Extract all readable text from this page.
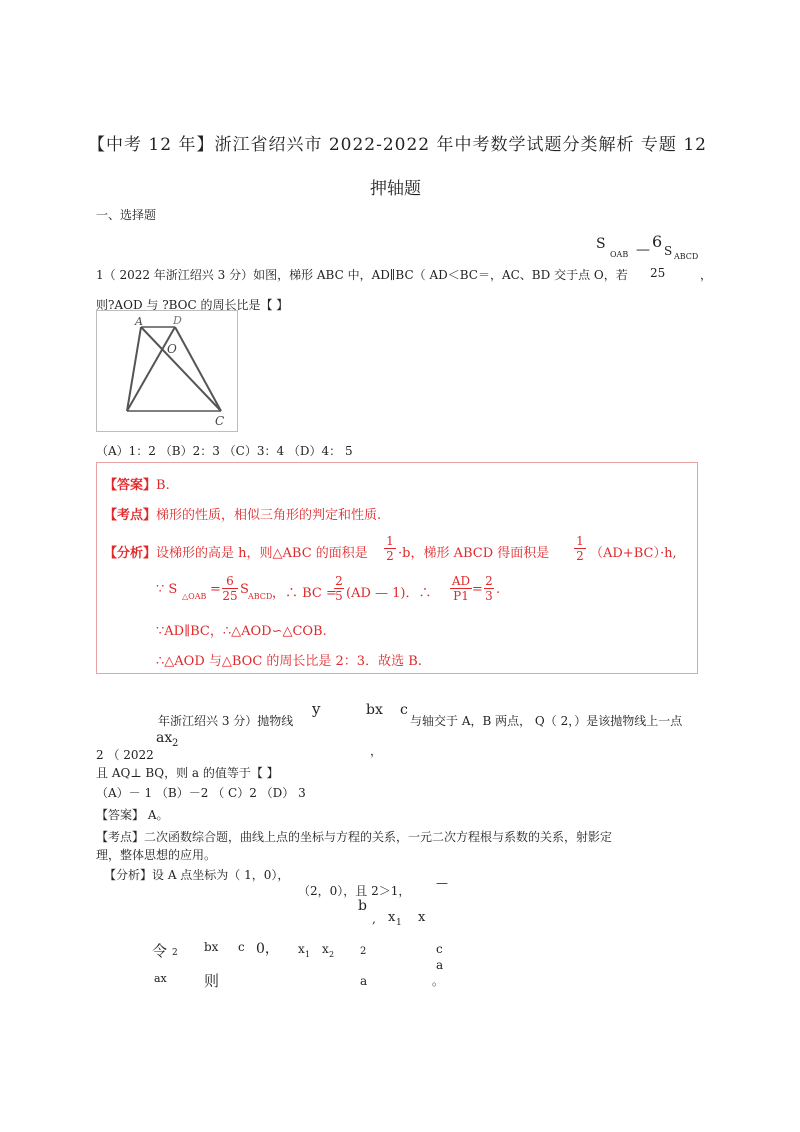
【中考 12 年】浙江省绍兴市 2022-2022 年中考数学试题分类解析 专题 12
押轴题
一、选择题
S
OAB — 6 S ABCD
25	，
1（ 2022 年浙江绍兴 3 分）如图，梯形 ABC 中，AD∥BC（ AD＜BC＝，AC、BD 交于点 O，若
则?AOD 与 ?BOC 的周长比是【 】
A	D
O
C
（A）1：2 （B）2：3 （C）3：4 （D）4： 5
【答案】B.
【考点】梯形的性质，相似三角形的判定和性质.
【分析】设梯形的高是 h，则△ABC 的面积是 $\frac{1}{2} \cdot b$，梯形 ABCD 得面积是 $\frac{1}{2} (AD+BC)\cdot h$,
∵ S △OAB = $\frac{6}{25}$ S ABCD ，∴ BC =
$\frac{2}{5} (AD$ — 1)．∴ $\frac{AD}{P1} = \frac{2}{3}$ .
∵AD∥BC，∴△AOD∽△COB.
∴△AOD 与△BOC 的周长比是 2：3．故选 B.
y	bx c
年浙江绍兴 3 分）抛物线	与轴交于 A，B 两点， Q（ 2，）是该抛物线上一点
2 （ 2022
ax 2
，
且 AQ⊥ BQ，则 a 的值等于【 】
（A）－ 1 （B）－2 （ C）2 （D） 3
【答案】 A。
【考点】二次函数综合题，曲线上点的坐标与方程的关系，一元二次方程根与系数的关系，射影定
理，整体思想的应用。
【分析】设 A 点坐标为（ 1，0），
（2，0），且 2＞1，
—
b
, x 1 x
令 2 bx c 0， x 1 x 2	2	c
a
ax 则	a	。
